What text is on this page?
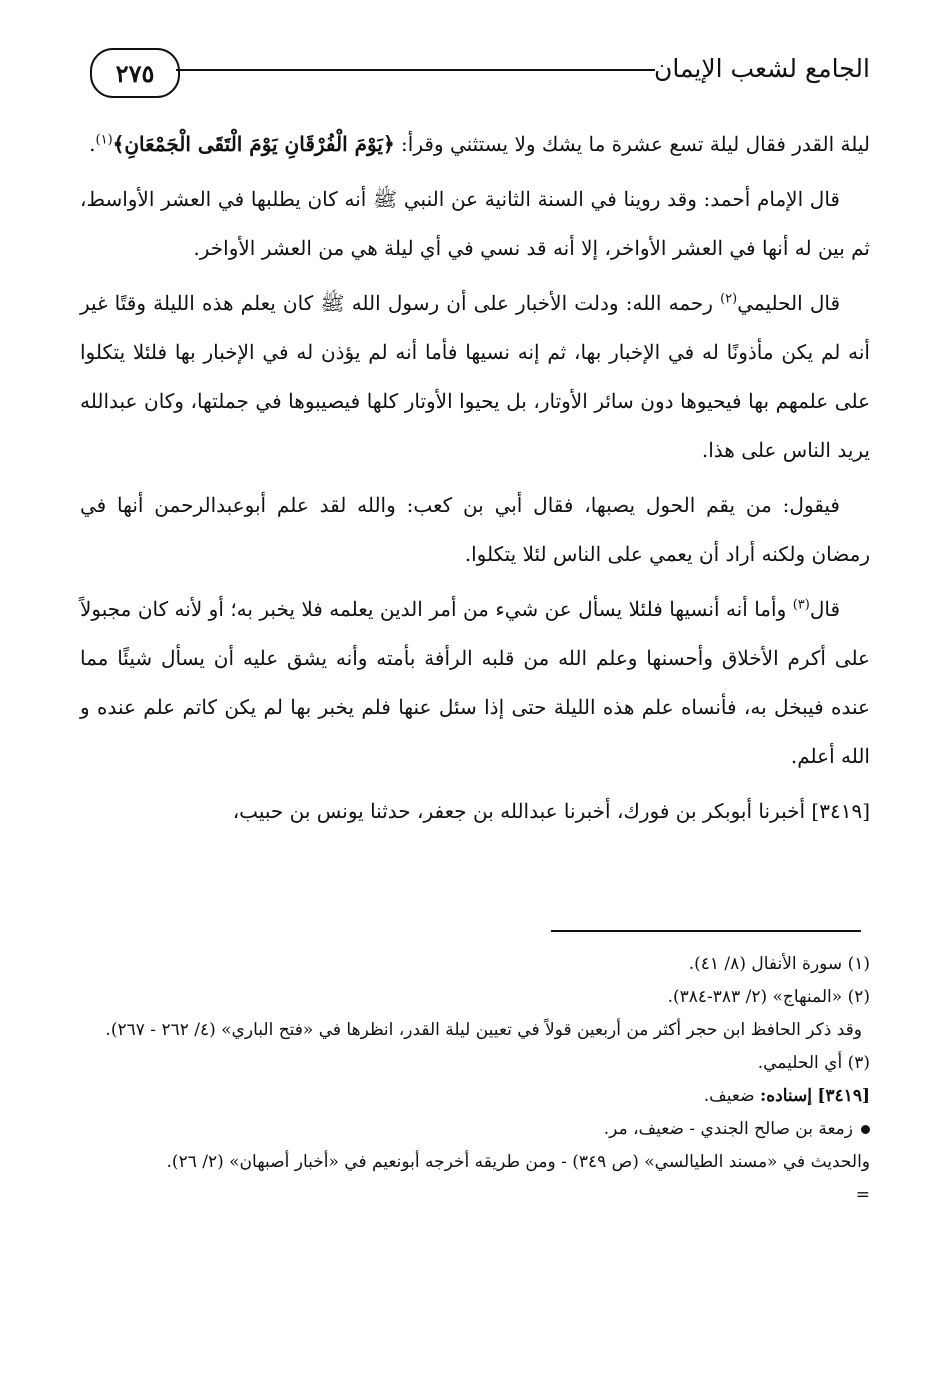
٢٧٥	الجامع لشعب الإيمان

ليلة القدر فقال ليلة تسع عشرة ما يشك ولا يستثني وقرأ: ﴿يَوْمَ الْفُرْقَانِ يَوْمَ الْتَقَى الْجَمْعَانِ﴾$^{(١)}$.

قال الإمام أحمد: وقد روينا في السنة الثانية عن النبي ﷺ أنه كان يطلبها في العشر الأواسط، ثم بين له أنها في العشر الأواخر، إلا أنه قد نسي في أي ليلة هي من العشر الأواخر.

قال الحليمي$^{(٢)}$ رحمه الله: ودلت الأخبار على أن رسول الله ﷺ كان يعلم هذه الليلة وقتًا غير أنه لم يكن مأذونًا له في الإخبار بها، ثم إنه نسيها فأما أنه لم يؤذن له في الإخبار بها فلئلا يتكلوا على علمهم بها فيحيوها دون سائر الأوتار، بل يحيوا الأوتار كلها فيصيبوها في جملتها، وكان عبدالله يريد الناس على هذا.

فيقول: من يقم الحول يصبها، فقال أبي بن كعب: والله لقد علم أبوعبدالرحمن أنها في رمضان ولكنه أراد أن يعمي على الناس لئلا يتكلوا.

قال$^{(٣)}$ وأما أنه أنسيها فلئلا يسأل عن شيء من أمر الدين يعلمه فلا يخبر به؛ أو لأنه كان مجبولاً على أكرم الأخلاق وأحسنها وعلم الله من قلبه الرأفة بأمته وأنه يشق عليه أن يسأل شيئًا مما عنده فيبخل به، فأنساه علم هذه الليلة حتى إذا سئل عنها فلم يخبر بها لم يكن كاتم علم عنده و الله أعلم.

[٣٤١٩] أخبرنا أبوبكر بن فورك، أخبرنا عبدالله بن جعفر، حدثنا يونس بن حبيب،

(١) سورة الأنفال (٨/ ٤١).
(٢) «المنهاج» (٢/ ٣٨٣-٣٨٤).
وقد ذكر الحافظ ابن حجر أكثر من أربعين قولاً في تعيين ليلة القدر، انظرها في «فتح الباري» (٤/ ٢٦٢ - ٢٦٧).
(٣) أي الحليمي.
[٣٤١٩] إسناده: ضعيف.
زمعة بن صالح الجندي - ضعيف، مر.
والحديث في «مسند الطيالسي» (ص ٣٤٩) - ومن طريقه أخرجه أبونعيم في «أخبار أصبهان» (٢/ ٢٦).
=
